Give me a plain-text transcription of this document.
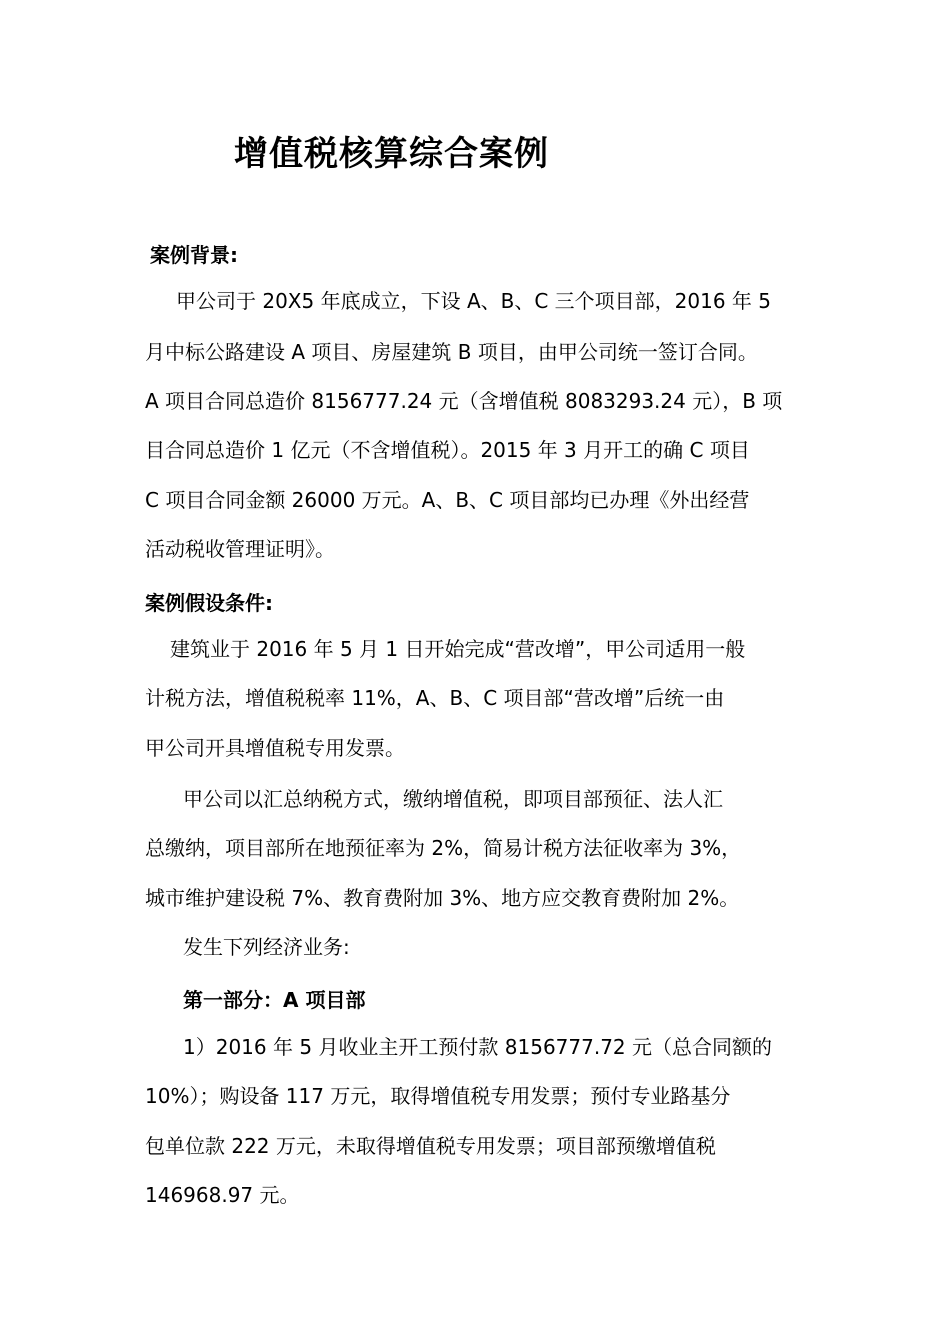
增值税核算综合案例
案例背景:
甲公司于 20X5 年底成立，下设 A、B、C 三个项目部，2016 年 5
月中标公路建设 A 项目、房屋建筑 B 项目，由甲公司统一签订合同。
A 项目合同总造价 8156777.24 元（含增值税 8083293.24 元），B 项
目合同总造价 1 亿元（不含增值税）。2015 年 3 月开工的确 C 项目
C 项目合同金额 26000 万元。A、B、C 项目部均已办理《外出经营
活动税收管理证明》。
案例假设条件:
建筑业于 2016 年 5 月 1 日开始完成“营改增”，甲公司适用一般
计税方法，增值税税率 11%，A、B、C 项目部“营改增”后统一由
甲公司开具增值税专用发票。
甲公司以汇总纳税方式，缴纳增值税，即项目部预征、法人汇
总缴纳，项目部所在地预征率为 2%，简易计税方法征收率为 3%，
城市维护建设税 7%、教育费附加 3%、地方应交教育费附加 2%。
发生下列经济业务:
第一部分：A 项目部
1）2016 年 5 月收业主开工预付款 8156777.72 元（总合同额的
10%）；购设备 117 万元，取得增值税专用发票；预付专业路基分
包单位款 222 万元，未取得增值税专用发票；项目部预缴增值税
146968.97 元。
